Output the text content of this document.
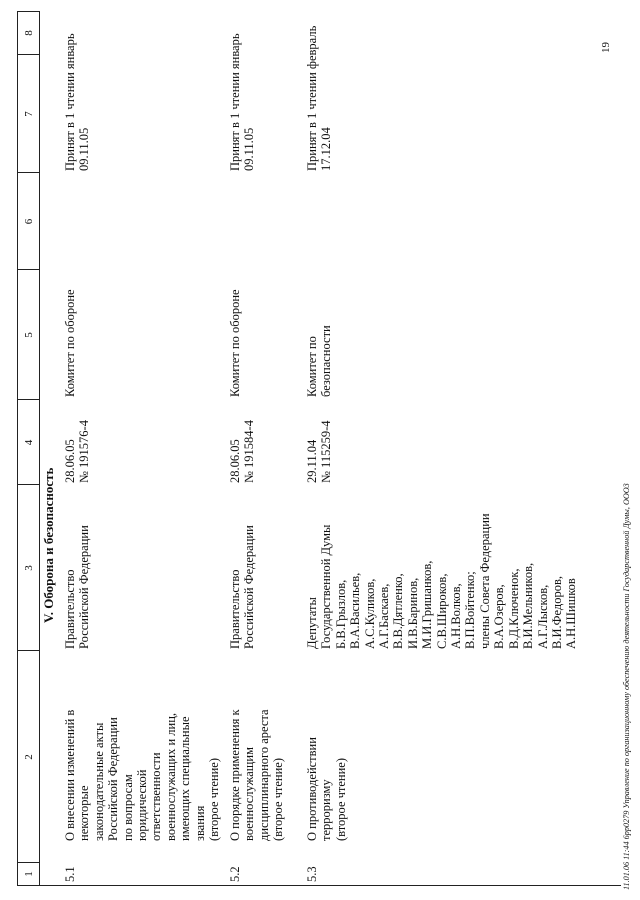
1
2
3
4
5
6
7
8
V. Оборона и безопасность
5.1
О внесении изменений в
некоторые
законодательные акты
Российской Федерации
по вопросам
юридической
ответственности
военнослужащих и лиц,
имеющих специальные
звания
(второе чтение)
Правительство
Российской Федерации
28.06.05
№ 191576-4
Комитет по обороне
Принят в 1 чтении январь
09.11.05
5.2
О порядке применения к
военнослужащим
дисциплинарного ареста
(второе чтение)
Правительство
Российской Федерации
28.06.05
№ 191584-4
Комитет по обороне
Принят в 1 чтении январь
09.11.05
5.3
О противодействии
терроризму
(второе чтение)
Депутаты
Государственной Думы
Б.В.Грызлов,
В.А.Васильев,
А.С.Куликов,
А.Г.Баскаев,
В.В.Дятленко,
И.В.Баринов,
М.И.Гришанков,
С.В.Широков,
А.Н.Волков,
В.П.Войтенко;
члены Совета Федерации
В.А.Озеров,
В.Д.Ключенок,
В.И.Мельников,
А.Г.Лысков,
В.И.Федоров,
А.Н.Шишков
29.11.04
№ 115259-4
Комитет по
безопасности
Принят в 1 чтении февраль
17.12.04
19
11.01.06 11:44 6pp0279 Управление по организационному обеспечению деятельности Государственной Думы, ООО3
